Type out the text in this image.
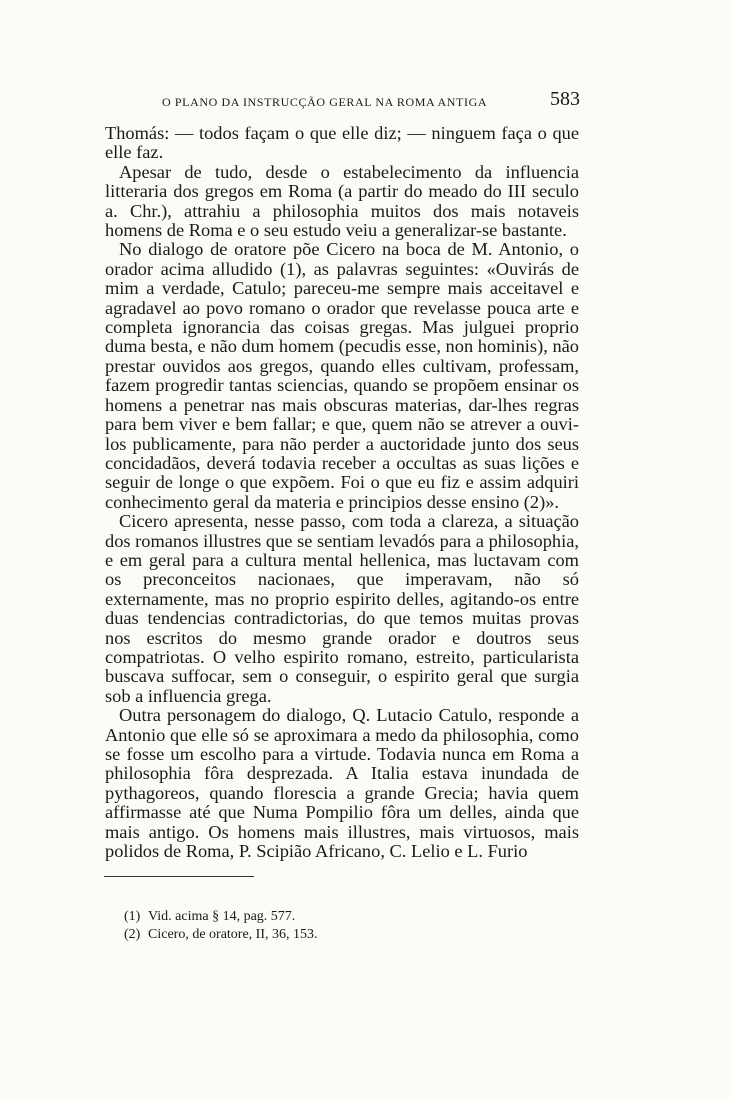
O PLANO DA INSTRUCÇÃO GERAL NA ROMA ANTIGA	583

Thomás: — todos façam o que elle diz; — ninguem faça o que elle faz.

Apesar de tudo, desde o estabelecimento da influencia litteraria dos gregos em Roma (a partir do meado do III seculo a. Chr.), attrahiu a philosophia muitos dos mais notaveis homens de Roma e o seu estudo veiu a generalizar-se bastante.

No dialogo de oratore põe Cicero na boca de M. Antonio, o orador acima alludido (1), as palavras seguintes: «Ouvirás de mim a verdade, Catulo; pareceu-me sempre mais acceitavel e agradavel ao povo romano o orador que revelasse pouca arte e completa ignorancia das coisas gregas. Mas julguei proprio duma besta, e não dum homem (pecudis esse, non hominis), não prestar ouvidos aos gregos, quando elles cultivam, professam, fazem progredir tantas sciencias, quando se propõem ensinar os homens a penetrar nas mais obscuras materias, dar-lhes regras para bem viver e bem fallar; e que, quem não se atrever a ouvi-los publicamente, para não perder a auctoridade junto dos seus concidadãos, deverá todavia receber a occultas as suas lições e seguir de longe o que expõem. Foi o que eu fiz e assim adquiri conhecimento geral da materia e principios desse ensino (2)».

Cicero apresenta, nesse passo, com toda a clareza, a situação dos romanos illustres que se sentiam levadós para a philosophia, e em geral para a cultura mental hellenica, mas luctavam com os preconceitos nacionaes, que imperavam, não só externamente, mas no proprio espirito delles, agitando-os entre duas tendencias contradictorias, do que temos muitas provas nos escritos do mesmo grande orador e doutros seus compatriotas. O velho espirito romano, estreito, particularista buscava suffocar, sem o conseguir, o espirito geral que surgia sob a influencia grega.

Outra personagem do dialogo, Q. Lutacio Catulo, responde a Antonio que elle só se aproximara a medo da philosophia, como se fosse um escolho para a virtude. Todavia nunca em Roma a philosophia fôra desprezada. A Italia estava inundada de pythagoreos, quando florescia a grande Grecia; havia quem affirmasse até que Numa Pompilio fôra um delles, ainda que mais antigo. Os homens mais illustres, mais virtuosos, mais polidos de Roma, P. Scipião Africano, C. Lelio e L. Furio

(1) Vid. acima § 14, pag. 577.
(2) Cicero, de oratore, II, 36, 153.
